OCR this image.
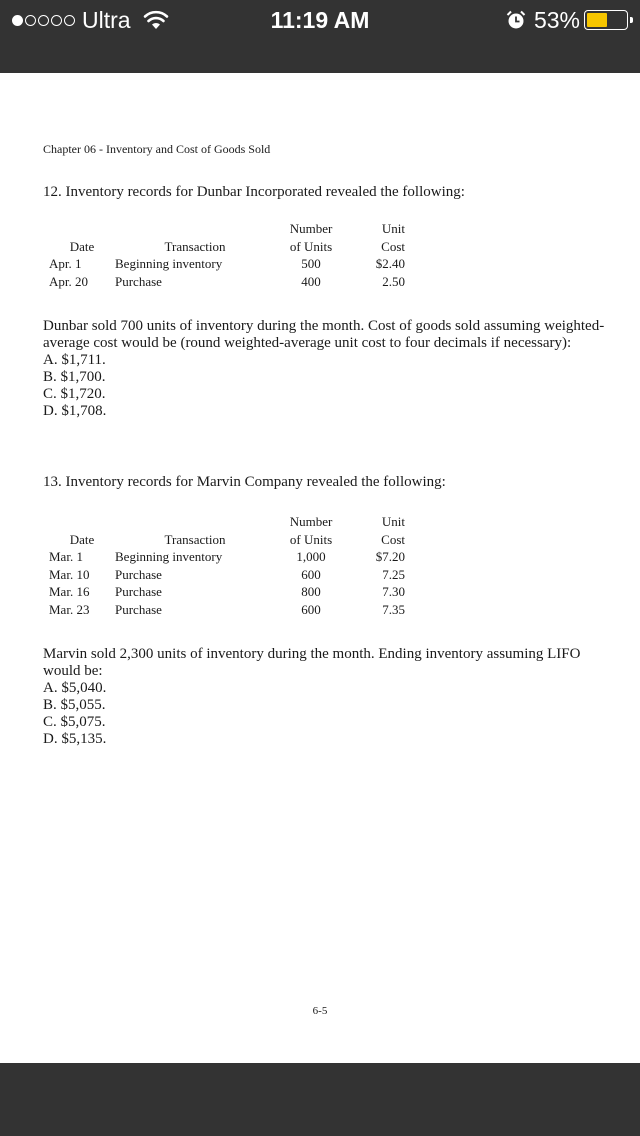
Ultra	11:19 AM	53%
Chapter 06 - Inventory and Cost of Goods Sold
12. Inventory records for Dunbar Incorporated revealed the following:
		Number	Unit
Date	Transaction	of Units	Cost
Apr. 1	Beginning inventory	500	$2.40
Apr. 20	Purchase	400	2.50
Dunbar sold 700 units of inventory during the month. Cost of goods sold assuming weighted-average cost would be (round weighted-average unit cost to four decimals if necessary):
A. $1,711.
B. $1,700.
C. $1,720.
D. $1,708.
13. Inventory records for Marvin Company revealed the following:
		Number	Unit
Date	Transaction	of Units	Cost
Mar. 1	Beginning inventory	1,000	$7.20
Mar. 10	Purchase	600	7.25
Mar. 16	Purchase	800	7.30
Mar. 23	Purchase	600	7.35
Marvin sold 2,300 units of inventory during the month. Ending inventory assuming LIFO would be:
A. $5,040.
B. $5,055.
C. $5,075.
D. $5,135.
6-5
